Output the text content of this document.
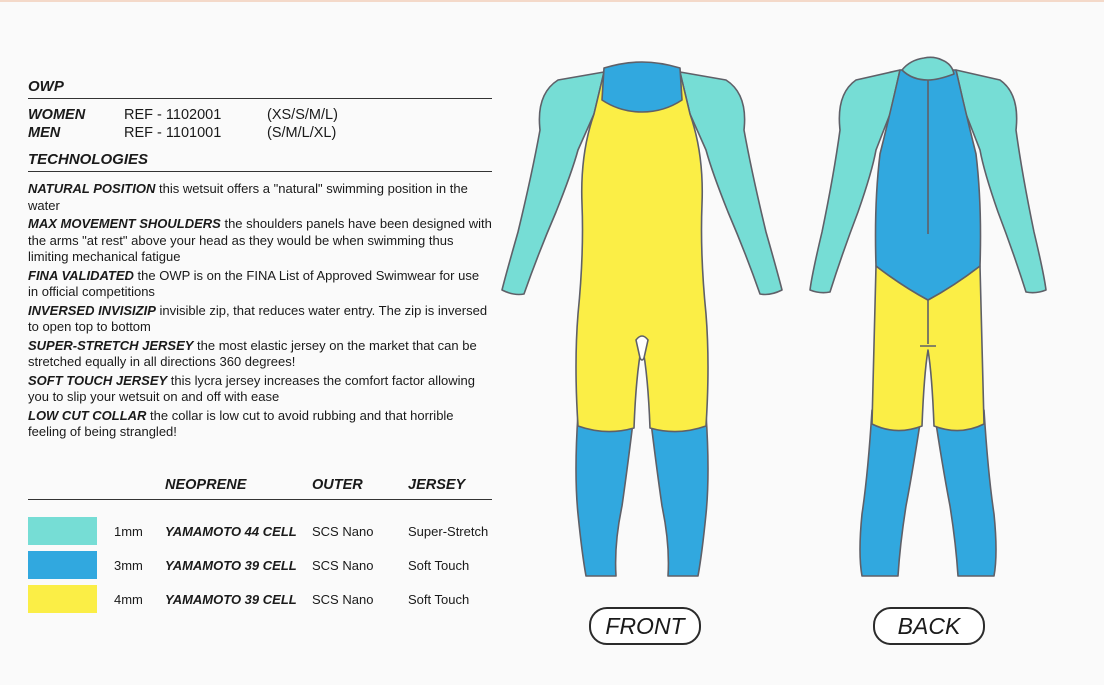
OWP
WOMEN	REF - 1102001	(XS/S/M/L)
MEN	REF - 1101001	(S/M/L/XL)
TECHNOLOGIES
NATURAL POSITION this wetsuit offers a "natural" swimming position in the water
MAX MOVEMENT SHOULDERS the shoulders panels have been designed with the arms "at rest" above your head as they would be when swimming thus limiting mechanical fatigue
FINA VALIDATED the OWP is on the FINA List of Approved Swimwear for use in official competitions
INVERSED INVISIZIP invisible zip, that reduces water entry. The zip is inversed to open top to bottom
SUPER-STRETCH JERSEY the most elastic jersey on the market that can be stretched equally in all directions 360 degrees!
SOFT TOUCH JERSEY this lycra jersey increases the comfort factor allowing you to slip your wetsuit on and off with ease
LOW CUT COLLAR the collar is low cut to avoid rubbing and that horrible feeling of being strangled!
		NEOPRENE	OUTER	JERSEY

	1mm	YAMAMOTO 44 CELL	SCS Nano	Super-Stretch

	3mm	YAMAMOTO 39 CELL	SCS Nano	Soft Touch

	4mm	YAMAMOTO 39 CELL	SCS Nano	Soft Touch
FRONT	BACK
